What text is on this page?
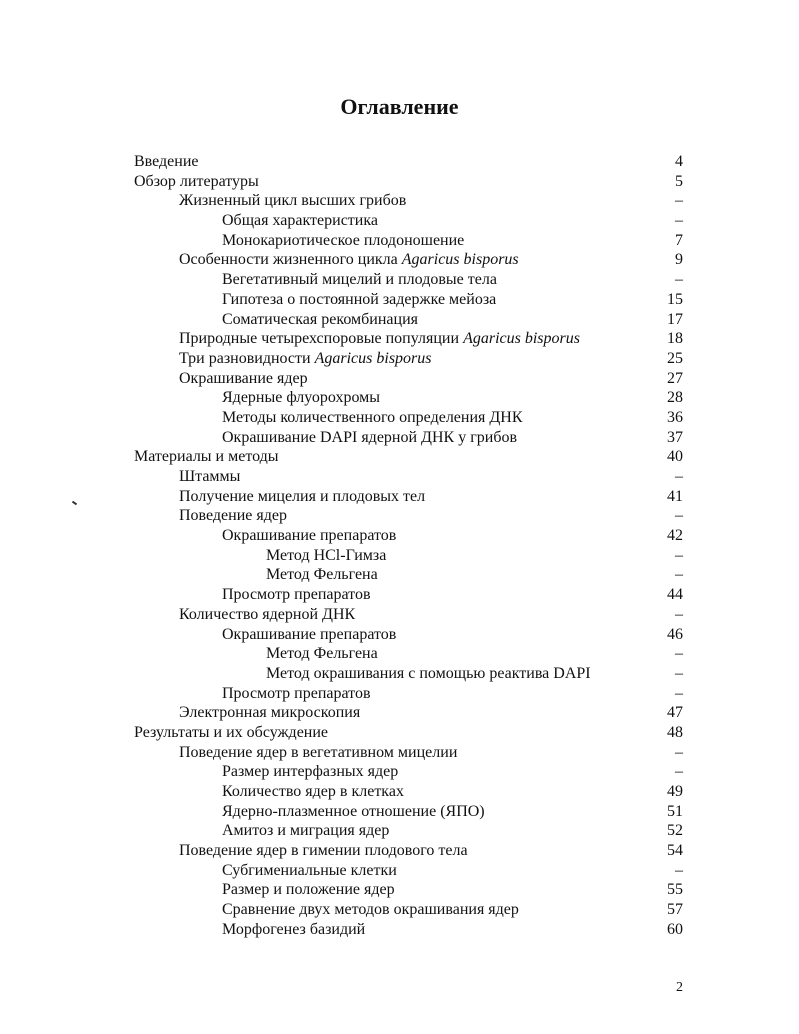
Оглавление
Введение	4
Обзор литературы	5
Жизненный цикл высших грибов	–
Общая характеристика	–
Монокариотическое плодоношение	7
Особенности жизненного цикла Agaricus bisporus	9
Вегетативный мицелий и плодовые тела	–
Гипотеза о постоянной задержке мейоза	15
Соматическая рекомбинация	17
Природные четырехспоровые популяции Agaricus bisporus	18
Три разновидности Agaricus bisporus	25
Окрашивание ядер	27
Ядерные флуорохромы	28
Методы количественного определения ДНК	36
Окрашивание DAPI ядерной ДНК у грибов	37
Материалы и методы	40
Штаммы	–
Получение мицелия и плодовых тел	41
Поведение ядер	–
Окрашивание препаратов	42
Метод HCl-Гимза	–
Метод Фельгена	–
Просмотр препаратов	44
Количество ядерной ДНК	–
Окрашивание препаратов	46
Метод Фельгена	–
Метод окрашивания с помощью реактива DAPI	–
Просмотр препаратов	–
Электронная микроскопия	47
Результаты и их обсуждение	48
Поведение ядер в вегетативном мицелии	–
Размер интерфазных ядер	–
Количество ядер в клетках	49
Ядерно-плазменное отношение (ЯПО)	51
Амитоз и миграция ядер	52
Поведение ядер в гимении плодового тела	54
Субгимениальные клетки	–
Размер и положение ядер	55
Сравнение двух методов окрашивания ядер	57
Морфогенез базидий	60
2
